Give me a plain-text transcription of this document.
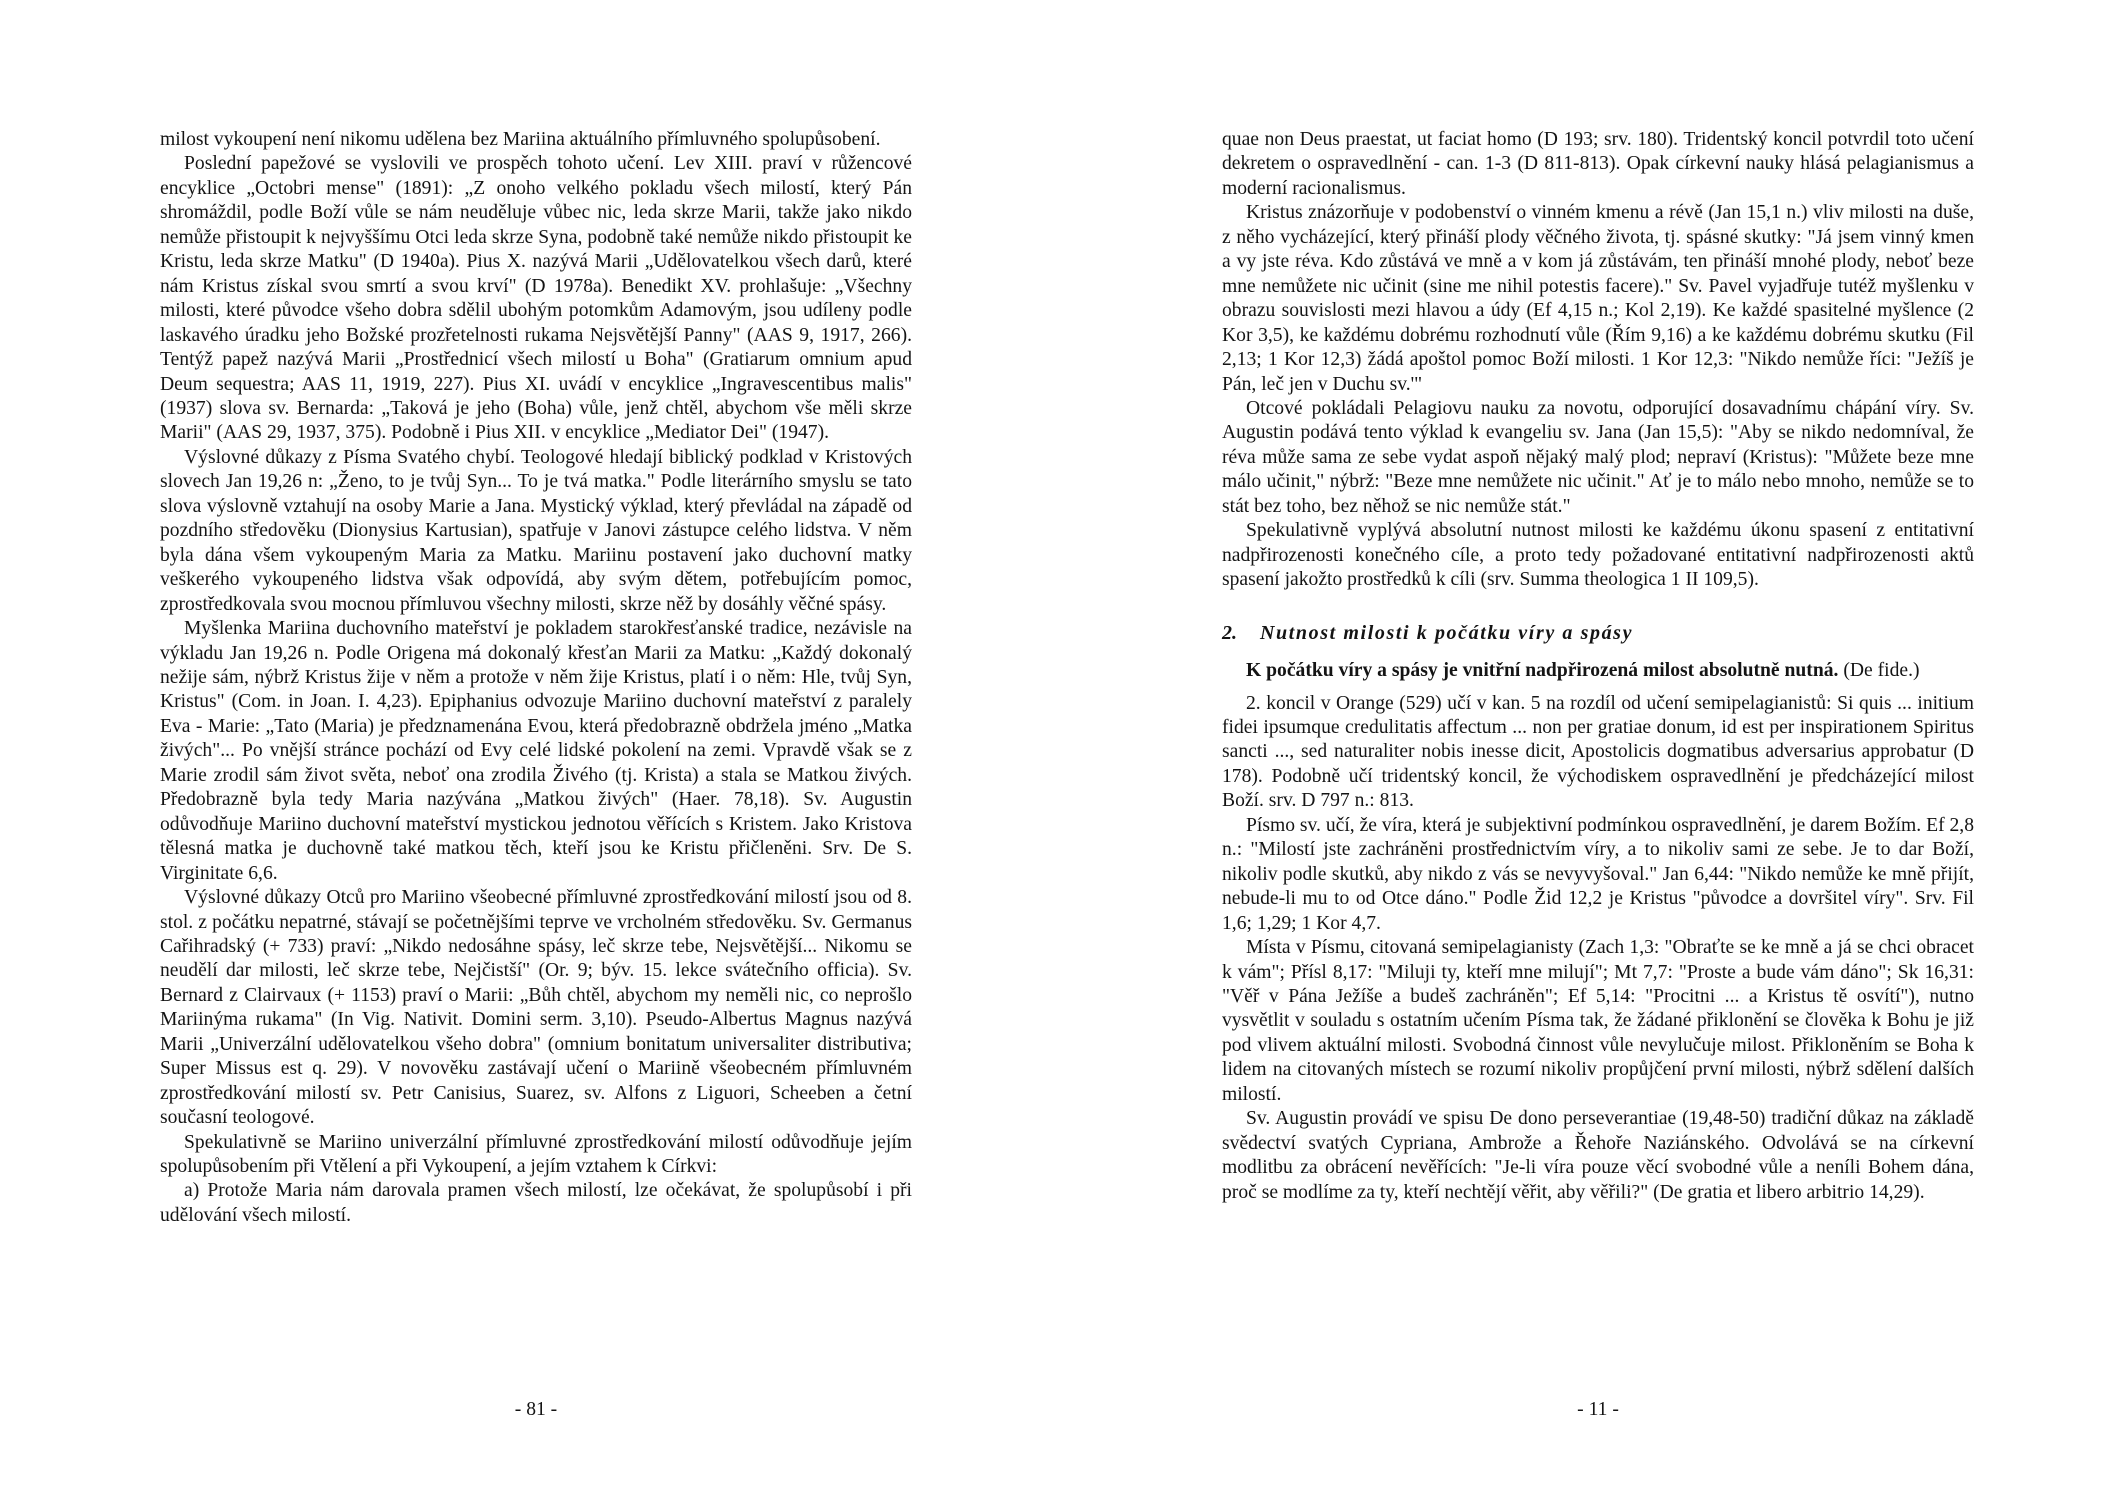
milost vykoupení není nikomu udělena bez Mariina aktuálního přímluvného spolupůsobení.

Poslední papežové se vyslovili ve prospěch tohoto učení. Lev XIII. praví v růžencové encyklice „Octobri mense" (1891): „Z onoho velkého pokladu všech milostí, který Pán shromáždil, podle Boží vůle se nám neuděluje vůbec nic, leda skrze Marii, takže jako nikdo nemůže přistoupit k nejvyššímu Otci leda skrze Syna, podobně také nemůže nikdo přistoupit ke Kristu, leda skrze Matku" (D 1940a). Pius X. nazývá Marii „Udělovatelkou všech darů, které nám Kristus získal svou smrtí a svou krví" (D 1978a). Benedikt XV. prohlašuje: „Všechny milosti, které původce všeho dobra sdělil ubohým potomkům Adamovým, jsou udíleny podle laskavého úradku jeho Božské prozřetelnosti rukama Nejsvětější Panny" (AAS 9, 1917, 266). Tentýž papež nazývá Marii „Prostřednicí všech milostí u Boha" (Gratiarum omnium apud Deum sequestra; AAS 11, 1919, 227). Pius XI. uvádí v encyklice „Ingravescentibus malis" (1937) slova sv. Bernarda: „Taková je jeho (Boha) vůle, jenž chtěl, abychom vše měli skrze Marii" (AAS 29, 1937, 375). Podobně i Pius XII. v encyklice „Mediator Dei" (1947).

Výslovné důkazy z Písma Svatého chybí. Teologové hledají biblický podklad v Kristových slovech Jan 19,26 n: „Ženo, to je tvůj Syn... To je tvá matka." Podle literárního smyslu se tato slova výslovně vztahují na osoby Marie a Jana. Mystický výklad, který převládal na západě od pozdního středověku (Dionysius Kartusian), spatřuje v Janovi zástupce celého lidstva. V něm byla dána všem vykoupeným Maria za Matku. Mariinu postavení jako duchovní matky veškerého vykoupeného lidstva však odpovídá, aby svým dětem, potřebujícím pomoc, zprostředkovala svou mocnou přímluvou všechny milosti, skrze něž by dosáhly věčné spásy.

Myšlenka Mariina duchovního mateřství je pokladem starokřesťanské tradice, nezávisle na výkladu Jan 19,26 n. Podle Origena má dokonalý křesťan Marii za Matku: „Každý dokonalý nežije sám, nýbrž Kristus žije v něm a protože v něm žije Kristus, platí i o něm: Hle, tvůj Syn, Kristus" (Com. in Joan. I. 4,23). Epiphanius odvozuje Mariino duchovní mateřství z paralely Eva - Marie: „Tato (Maria) je předznamenána Evou, která předobrazně obdržela jméno „Matka živých"... Po vnější stránce pochází od Evy celé lidské pokolení na zemi. Vpravdě však se z Marie zrodil sám život světa, neboť ona zrodila Živého (tj. Krista) a stala se Matkou živých. Předobrazně byla tedy Maria nazývána „Matkou živých" (Haer. 78,18). Sv. Augustin odůvodňuje Mariino duchovní mateřství mystickou jednotou věřících s Kristem. Jako Kristova tělesná matka je duchovně také matkou těch, kteří jsou ke Kristu přičleněni. Srv. De S. Virginitate 6,6.

Výslovné důkazy Otců pro Mariino všeobecné přímluvné zprostředkování milostí jsou od 8. stol. z počátku nepatrné, stávají se početnějšími teprve ve vrcholném středověku. Sv. Germanus Cařihradský (+ 733) praví: „Nikdo nedosáhne spásy, leč skrze tebe, Nejsvětější... Nikomu se neudělí dar milosti, leč skrze tebe, Nejčistší" (Or. 9; býv. 15. lekce svátečního officia). Sv. Bernard z Clairvaux (+ 1153) praví o Marii: „Bůh chtěl, abychom my neměli nic, co neprošlo Mariinýma rukama" (In Vig. Nativit. Domini serm. 3,10). Pseudo-Albertus Magnus nazývá Marii „Univerzální udělovatelkou všeho dobra" (omnium bonitatum universaliter distributiva; Super Missus est q. 29). V novověku zastávají učení o Mariině všeobecném přímluvném zprostředkování milostí sv. Petr Canisius, Suarez, sv. Alfons z Liguori, Scheeben a četní současní teologové.

Spekulativně se Mariino univerzální přímluvné zprostředkování milostí odůvodňuje jejím spolupůsobením při Vtělení a při Vykoupení, a jejím vztahem k Církvi:

a) Protože Maria nám darovala pramen všech milostí, lze očekávat, že spolupůsobí i při udělování všech milostí.

- 81 -

quae non Deus praestat, ut faciat homo (D 193; srv. 180). Tridentský koncil potvrdil toto učení dekretem o ospravedlnění - can. 1-3 (D 811-813). Opak církevní nauky hlásá pelagianismus a moderní racionalismus.

Kristus znázorňuje v podobenství o vinném kmenu a révě (Jan 15,1 n.) vliv milosti na duše, z něho vycházející, který přináší plody věčného života, tj. spásné skutky: "Já jsem vinný kmen a vy jste réva. Kdo zůstává ve mně a v kom já zůstávám, ten přináší mnohé plody, neboť beze mne nemůžete nic učinit (sine me nihil potestis facere)." Sv. Pavel vyjadřuje tutéž myšlenku v obrazu souvislosti mezi hlavou a údy (Ef 4,15 n.; Kol 2,19). Ke každé spasitelné myšlence (2 Kor 3,5), ke každému dobrému rozhodnutí vůle (Řím 9,16) a ke každému dobrému skutku (Fil 2,13; 1 Kor 12,3) žádá apoštol pomoc Boží milosti. 1 Kor 12,3: "Nikdo nemůže říci: "Ježíš je Pán, leč jen v Duchu sv.'"

Otcové pokládali Pelagiovu nauku za novotu, odporující dosavadnímu chápání víry. Sv. Augustin podává tento výklad k evangeliu sv. Jana (Jan 15,5): "Aby se nikdo nedomníval, že réva může sama ze sebe vydat aspoň nějaký malý plod; nepraví (Kristus): "Můžete beze mne málo učinit," nýbrž: "Beze mne nemůžete nic učinit." Ať je to málo nebo mnoho, nemůže se to stát bez toho, bez něhož se nic nemůže stát."

Spekulativně vyplývá absolutní nutnost milosti ke každému úkonu spasení z entitativní nadpřirozenosti konečného cíle, a proto tedy požadované entitativní nadpřirozenosti aktů spasení jakožto prostředků k cíli (srv. Summa theologica 1 II 109,5).

2. Nutnost milosti k počátku víry a spásy

K počátku víry a spásy je vnitřní nadpřirozená milost absolutně nutná. (De fide.)

2. koncil v Orange (529) učí v kan. 5 na rozdíl od učení semipelagianistů: Si quis ... initium fidei ipsumque credulitatis affectum ... non per gratiae donum, id est per inspirationem Spiritus sancti ..., sed naturaliter nobis inesse dicit, Apostolicis dogmatibus adversarius approbatur (D 178). Podobně učí tridentský koncil, že východiskem ospravedlnění je předcházející milost Boží. srv. D 797 n.: 813.

Písmo sv. učí, že víra, která je subjektivní podmínkou ospravedlnění, je darem Božím. Ef 2,8 n.: "Milostí jste zachráněni prostřednictvím víry, a to nikoliv sami ze sebe. Je to dar Boží, nikoliv podle skutků, aby nikdo z vás se nevyvyšoval." Jan 6,44: "Nikdo nemůže ke mně přijít, nebude-li mu to od Otce dáno." Podle Žid 12,2 je Kristus "původce a dovršitel víry". Srv. Fil 1,6; 1,29; 1 Kor 4,7.

Místa v Písmu, citovaná semipelagianisty (Zach 1,3: "Obraťte se ke mně a já se chci obracet k vám"; Přísl 8,17: "Miluji ty, kteří mne milují"; Mt 7,7: "Proste a bude vám dáno"; Sk 16,31: "Věř v Pána Ježíše a budeš zachráněn"; Ef 5,14: "Procitni ... a Kristus tě osvítí"), nutno vysvětlit v souladu s ostatním učením Písma tak, že žádané přiklonění se člověka k Bohu je již pod vlivem aktuální milosti. Svobodná činnost vůle nevylučuje milost. Přikloněním se Boha k lidem na citovaných místech se rozumí nikoliv propůjčení první milosti, nýbrž sdělení dalších milostí.

Sv. Augustin provádí ve spisu De dono perseverantiae (19,48-50) tradiční důkaz na základě svědectví svatých Cypriana, Ambrože a Řehoře Naziánského. Odvolává se na církevní modlitbu za obrácení nevěřících: "Je-li víra pouze věcí svobodné vůle a neníli Bohem dána, proč se modlíme za ty, kteří nechtějí věřit, aby věřili?" (De gratia et libero arbitrio 14,29).

- 11 -
